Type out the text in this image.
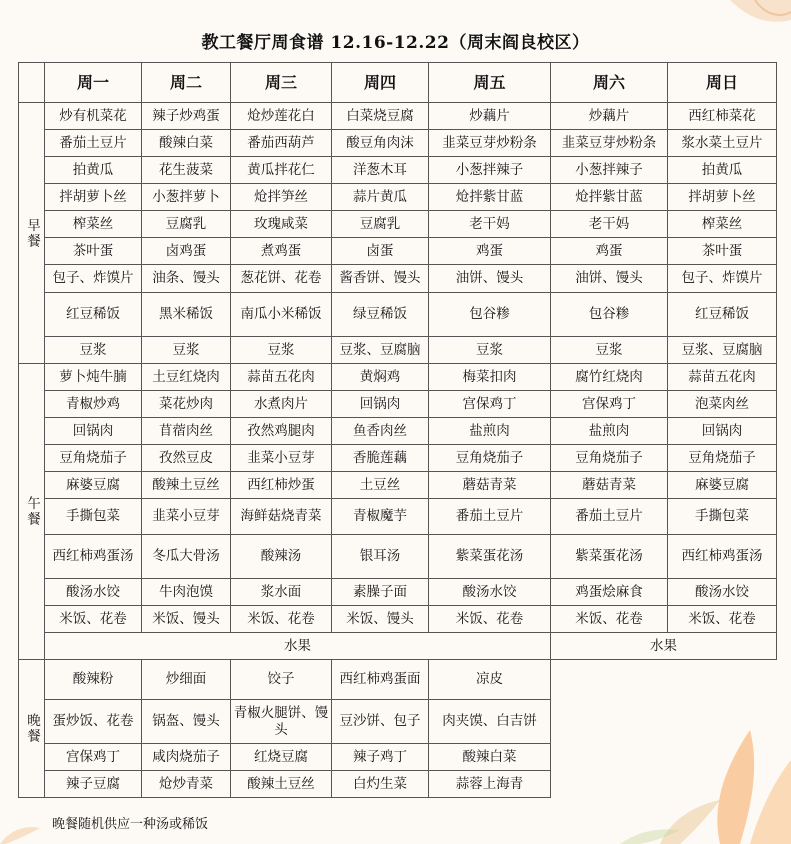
教工餐厅周食谱 12.16-12.22（周末阎良校区）
	周一	周二	周三	周四	周五	周六	周日
早餐	炒有机菜花	辣子炒鸡蛋	炝炒莲花白	白菜烧豆腐	炒藕片	炒藕片	西红柿菜花
	番茄土豆片	酸辣白菜	番茄西葫芦	酸豆角肉沫	韭菜豆芽炒粉条	韭菜豆芽炒粉条	浆水菜土豆片
	拍黄瓜	花生菠菜	黄瓜拌花仁	洋葱木耳	小葱拌辣子	小葱拌辣子	拍黄瓜
	拌胡萝卜丝	小葱拌萝卜	炝拌笋丝	蒜片黄瓜	炝拌紫甘蓝	炝拌紫甘蓝	拌胡萝卜丝
	榨菜丝	豆腐乳	玫瑰咸菜	豆腐乳	老干妈	老干妈	榨菜丝
	茶叶蛋	卤鸡蛋	煮鸡蛋	卤蛋	鸡蛋	鸡蛋	茶叶蛋
	包子、炸馍片	油条、馒头	葱花饼、花卷	酱香饼、馒头	油饼、馒头	油饼、馒头	包子、炸馍片
	红豆稀饭	黑米稀饭	南瓜小米稀饭	绿豆稀饭	包谷糁	包谷糁	红豆稀饭
	豆浆	豆浆	豆浆	豆浆、豆腐脑	豆浆	豆浆	豆浆、豆腐脑
午餐	萝卜炖牛腩	土豆红烧肉	蒜苗五花肉	黄焖鸡	梅菜扣肉	腐竹红烧肉	蒜苗五花肉
	青椒炒鸡	菜花炒肉	水煮肉片	回锅肉	宫保鸡丁	宫保鸡丁	泡菜肉丝
	回锅肉	苜蓿肉丝	孜然鸡腿肉	鱼香肉丝	盐煎肉	盐煎肉	回锅肉
	豆角烧茄子	孜然豆皮	韭菜小豆芽	香脆莲藕	豆角烧茄子	豆角烧茄子	豆角烧茄子
	麻婆豆腐	酸辣土豆丝	西红柿炒蛋	土豆丝	蘑菇青菜	蘑菇青菜	麻婆豆腐
	手撕包菜	韭菜小豆芽	海鲜菇烧青菜	青椒魔芋	番茄土豆片	番茄土豆片	手撕包菜
	西红柿鸡蛋汤	冬瓜大骨汤	酸辣汤	银耳汤	紫菜蛋花汤	紫菜蛋花汤	西红柿鸡蛋汤
	酸汤水饺	牛肉泡馍	浆水面	素臊子面	酸汤水饺	鸡蛋烩麻食	酸汤水饺
	米饭、花卷	米饭、馒头	米饭、花卷	米饭、馒头	米饭、花卷	米饭、花卷	米饭、花卷
	水果					水果	
晚餐	酸辣粉	炒细面	饺子	西红柿鸡蛋面	凉皮		
	蛋炒饭、花卷	锅盔、馒头	青椒火腿饼、馒头	豆沙饼、包子	肉夹馍、白吉饼		
	宫保鸡丁	咸肉烧茄子	红烧豆腐	辣子鸡丁	酸辣白菜		
	辣子豆腐	炝炒青菜	酸辣土豆丝	白灼生菜	蒜蓉上海青		
晚餐随机供应一种汤或稀饭
